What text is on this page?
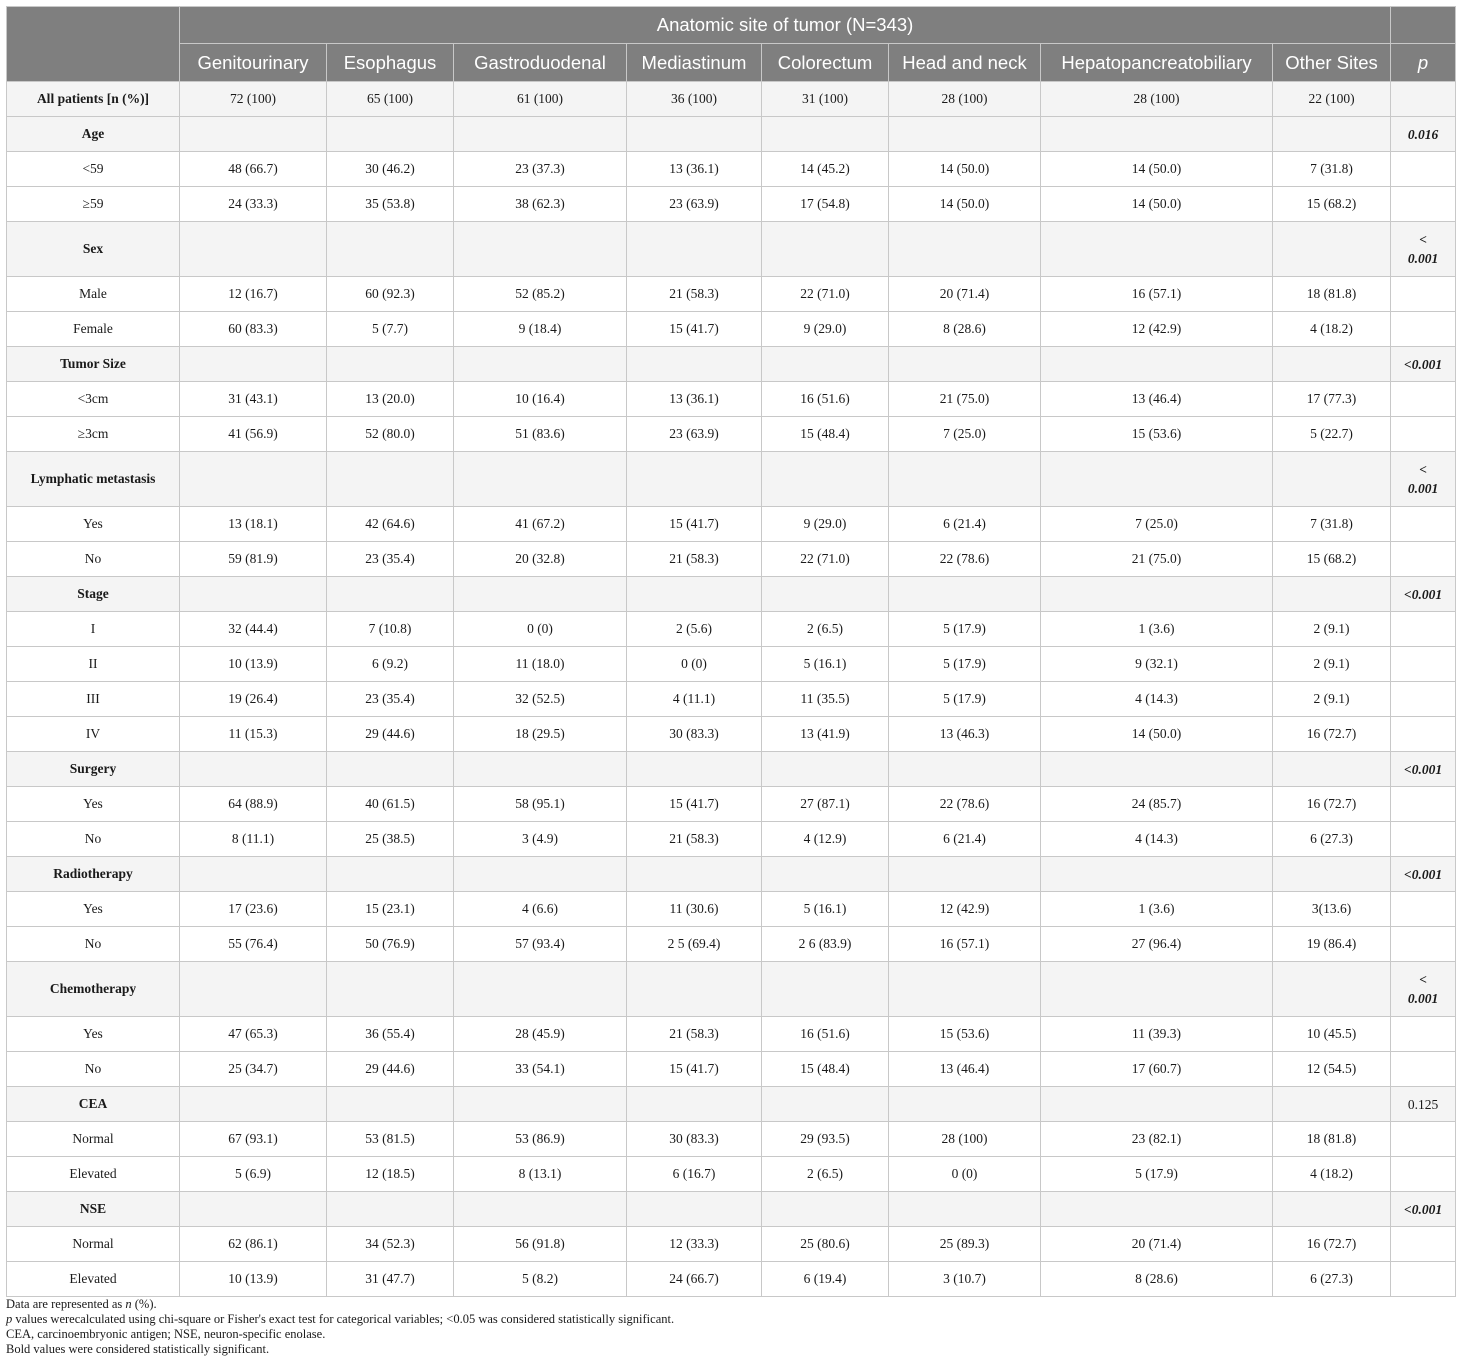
	Anatomic site of tumor (N=343)								
	Genitourinary	Esophagus	Gastroduodenal	Mediastinum	Colorectum	Head and neck	Hepatopancreatobiliary	Other Sites	p
All patients [n (%)]	72 (100)	65 (100)	61 (100)	36 (100)	31 (100)	28 (100)	28 (100)	22 (100)	
Age									0.016
<59	48 (66.7)	30 (46.2)	23 (37.3)	13 (36.1)	14 (45.2)	14 (50.0)	14 (50.0)	7 (31.8)	
≥59	24 (33.3)	35 (53.8)	38 (62.3)	23 (63.9)	17 (54.8)	14 (50.0)	14 (50.0)	15 (68.2)	
Sex									<
0.001

Male	12 (16.7)	60 (92.3)	52 (85.2)	21 (58.3)	22 (71.0)	20 (71.4)	16 (57.1)	18 (81.8)	
Female	60 (83.3)	5 (7.7)	9 (18.4)	15 (41.7)	9 (29.0)	8 (28.6)	12 (42.9)	4 (18.2)	
Tumor Size									<0.001
<3cm	31 (43.1)	13 (20.0)	10 (16.4)	13 (36.1)	16 (51.6)	21 (75.0)	13 (46.4)	17 (77.3)	
≥3cm	41 (56.9)	52 (80.0)	51 (83.6)	23 (63.9)	15 (48.4)	7 (25.0)	15 (53.6)	5 (22.7)	
Lymphatic metastasis									<
0.001

Yes	13 (18.1)	42 (64.6)	41 (67.2)	15 (41.7)	9 (29.0)	6 (21.4)	7 (25.0)	7 (31.8)	
No	59 (81.9)	23 (35.4)	20 (32.8)	21 (58.3)	22 (71.0)	22 (78.6)	21 (75.0)	15 (68.2)	
Stage									<0.001
I	32 (44.4)	7 (10.8)	0 (0)	2 (5.6)	2 (6.5)	5 (17.9)	1 (3.6)	2 (9.1)	
II	10 (13.9)	6 (9.2)	11 (18.0)	0 (0)	5 (16.1)	5 (17.9)	9 (32.1)	2 (9.1)	
III	19 (26.4)	23 (35.4)	32 (52.5)	4 (11.1)	11 (35.5)	5 (17.9)	4 (14.3)	2 (9.1)	
IV	11 (15.3)	29 (44.6)	18 (29.5)	30 (83.3)	13 (41.9)	13 (46.3)	14 (50.0)	16 (72.7)	
Surgery									<0.001
Yes	64 (88.9)	40 (61.5)	58 (95.1)	15 (41.7)	27 (87.1)	22 (78.6)	24 (85.7)	16 (72.7)	
No	8 (11.1)	25 (38.5)	3 (4.9)	21 (58.3)	4 (12.9)	6 (21.4)	4 (14.3)	6 (27.3)	
Radiotherapy									<0.001
Yes	17 (23.6)	15 (23.1)	4 (6.6)	11 (30.6)	5 (16.1)	12 (42.9)	1 (3.6)	3(13.6)	
No	55 (76.4)	50 (76.9)	57 (93.4)	2 5 (69.4)	2 6 (83.9)	16 (57.1)	27 (96.4)	19 (86.4)	
Chemotherapy									<
0.001

Yes	47 (65.3)	36 (55.4)	28 (45.9)	21 (58.3)	16 (51.6)	15 (53.6)	11 (39.3)	10 (45.5)	
No	25 (34.7)	29 (44.6)	33 (54.1)	15 (41.7)	15 (48.4)	13 (46.4)	17 (60.7)	12 (54.5)	
CEA									0.125
Normal	67 (93.1)	53 (81.5)	53 (86.9)	30 (83.3)	29 (93.5)	28 (100)	23 (82.1)	18 (81.8)	
Elevated	5 (6.9)	12 (18.5)	8 (13.1)	6 (16.7)	2 (6.5)	0 (0)	5 (17.9)	4 (18.2)	
NSE									<0.001
Normal	62 (86.1)	34 (52.3)	56 (91.8)	12 (33.3)	25 (80.6)	25 (89.3)	20 (71.4)	16 (72.7)	
Elevated	10 (13.9)	31 (47.7)	5 (8.2)	24 (66.7)	6 (19.4)	3 (10.7)	8 (28.6)	6 (27.3)	
Data are represented as n (%).
p values werecalculated using chi-square or Fisher's exact test for categorical variables; <0.05 was considered statistically significant.
CEA, carcinoembryonic antigen; NSE, neuron-specific enolase.
Bold values were considered statistically significant.
